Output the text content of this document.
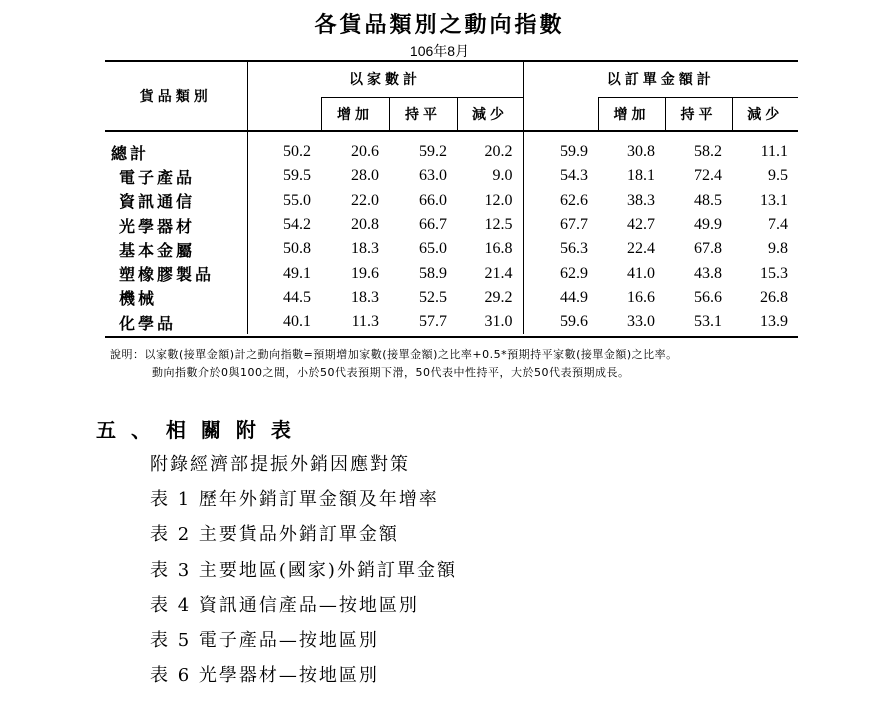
各貨品類別之動向指數
106年8月
貨品類別	以家數計				以訂單金額計			
		增加	持平	減少		增加	持平	減少
總計	50.2	20.6	59.2	20.2	59.9	30.8	58.2	11.1
電子產品	59.5	28.0	63.0	9.0	54.3	18.1	72.4	9.5
資訊通信	55.0	22.0	66.0	12.0	62.6	38.3	48.5	13.1
光學器材	54.2	20.8	66.7	12.5	67.7	42.7	49.9	7.4
基本金屬	50.8	18.3	65.0	16.8	56.3	22.4	67.8	9.8
塑橡膠製品	49.1	19.6	58.9	21.4	62.9	41.0	43.8	15.3
機械	44.5	18.3	52.5	29.2	44.9	16.6	56.6	26.8
化學品	40.1	11.3	57.7	31.0	59.6	33.0	53.1	13.9
說明：以家數(接單金額)計之動向指數=預期增加家數(接單金額)之比率+0.5*預期持平家數(接單金額)之比率。
動向指數介於0與100之間，小於50代表預期下滑，50代表中性持平，大於50代表預期成長。
五 、 相 關 附 表
附錄經濟部提振外銷因應對策
表 1 歷年外銷訂單金額及年增率
表 2 主要貨品外銷訂單金額
表 3 主要地區(國家)外銷訂單金額
表 4 資訊通信產品—按地區別
表 5 電子產品—按地區別
表 6 光學器材—按地區別
